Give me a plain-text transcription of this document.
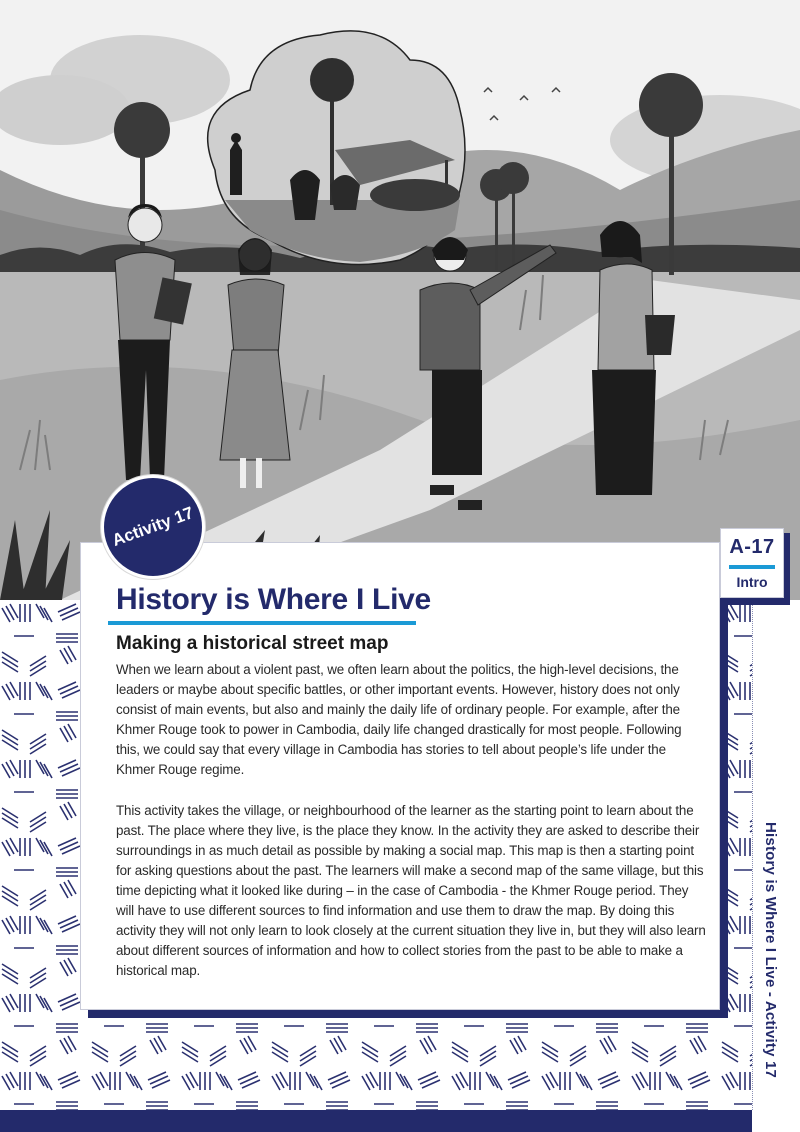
History is Where I Live - Activity 17
A-17
Intro
Activity 17
History is Where I Live
Making a historical street map

When we learn about a violent past, we often learn about the politics, the high-level decisions, the leaders or maybe about specific battles, or other important events. However, history does not only consist of main events, but also and mainly the daily life of ordinary people. For example, after the Khmer Rouge took to power in Cambodia, daily life changed drastically for most people. Following this, we could say that every village in Cambodia has stories to tell about people’s life under the Khmer Rouge regime.

This activity takes the village, or neighbourhood of the learner as the starting point to learn about the past. The place where they live, is the place they know. In the activity they are asked to describe their surroundings in as much detail as possible by making a social map. This map is then a starting point for asking questions about the past. The learners will make a second map of the same village, but this time depicting what it looked like during – in the case of Cambodia - the Khmer Rouge period. They will have to use different sources to find information and use them to draw the map. By doing this activity they will not only learn to look closely at the current situation they live in, but they will also learn about different sources of information and how to collect stories from the past to be able to make a historical map.
